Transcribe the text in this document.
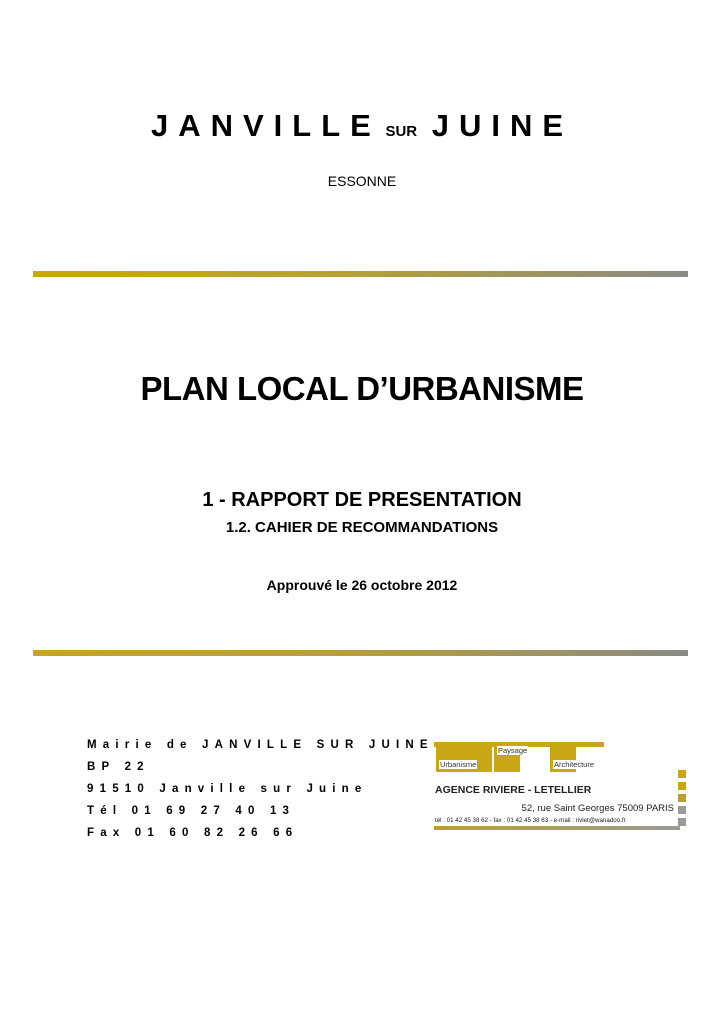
JANVILLE SUR JUINE
ESSONNE
PLAN LOCAL D’URBANISME
1 - RAPPORT DE PRESENTATION
1.2. CAHIER DE RECOMMANDATIONS
Approuvé le 26 octobre 2012
Mairie de JANVILLE SUR JUINE
BP 22
91510 Janville sur Juine
Tél 01 69 27 40 13
Fax 01 60 82 26 66
Urbanisme
Paysage
Architecture
AGENCE RIVIERE - LETELLIER
52, rue Saint Georges 75009 PARIS
tél : 01 42 45 38 62 - fax : 01 42 45 38 63 - e-mail : rivlet@wanadoo.fr
